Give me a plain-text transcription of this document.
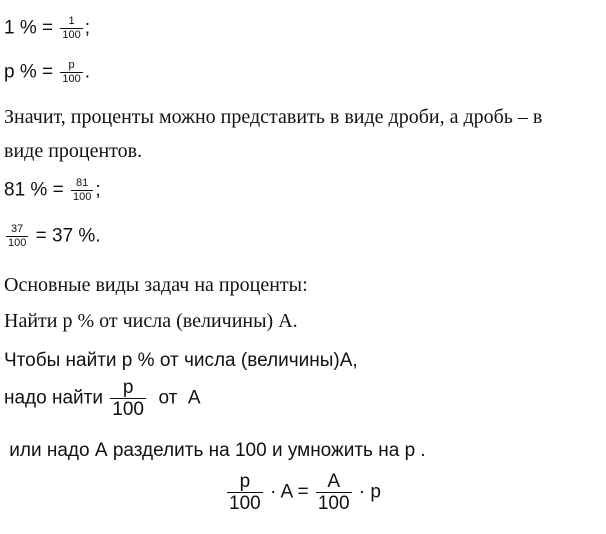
1 % = $\frac{1}{100}$ ;
p % = $\frac{p}{100}$ .
Значит, проценты можно представить в виде дроби, а дробь – в
виде процентов.
81 % = $\frac{81}{100}$ ;
$\frac{37}{100} = 37$ %.
Основные виды задач на проценты:
Найти p % от числа (величины) А.
Чтобы найти p % от числа (величины)А,
надо найти $\frac{p}{100}$ от  А
или надо А разделить на 100 и умножить на р .
$\frac{p}{100} \cdot A = \frac{A}{100} \cdot p$
